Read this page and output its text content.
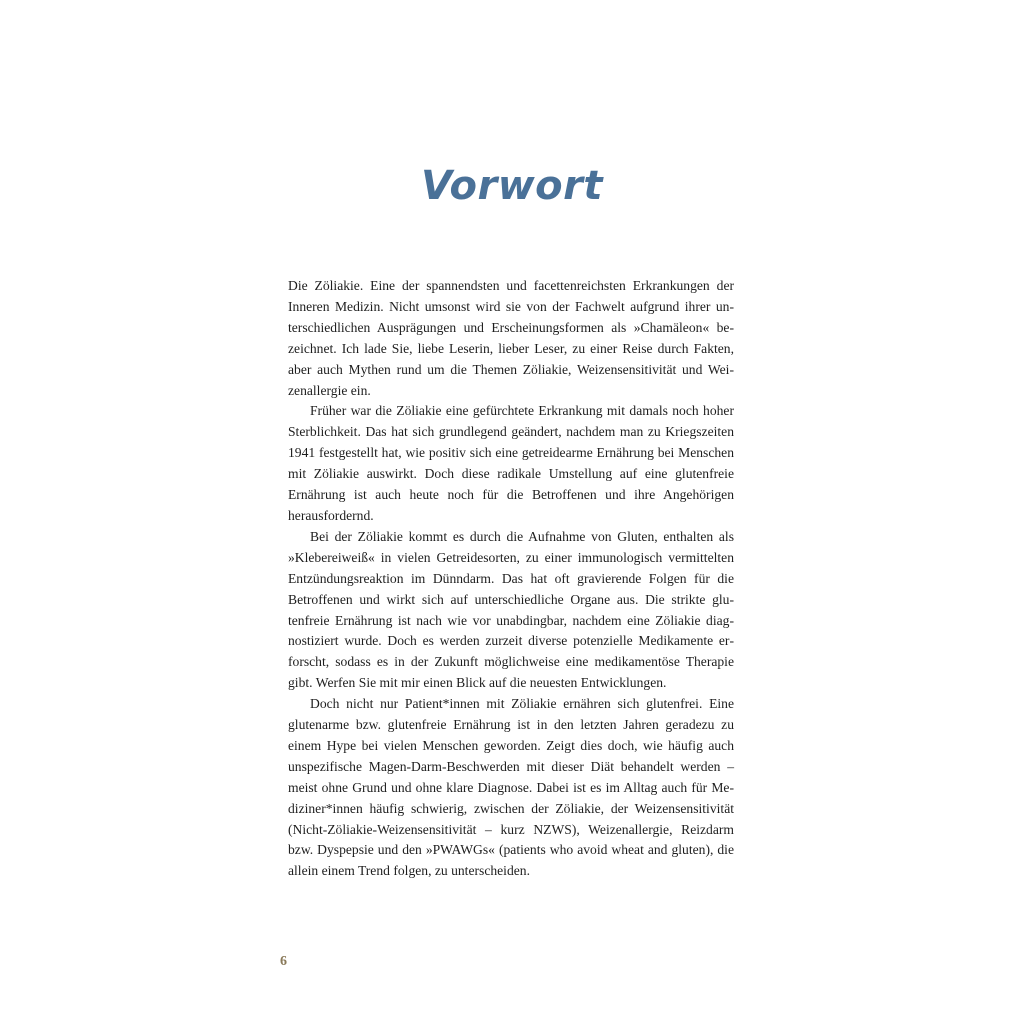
Vorwort

Die Zöliakie. Eine der spannendsten und facettenreichsten Erkrankungen der Inneren Medizin. Nicht umsonst wird sie von der Fachwelt aufgrund ihrer unterschiedlichen Ausprägungen und Erscheinungsformen als »Chamäleon« bezeichnet. Ich lade Sie, liebe Leserin, lieber Leser, zu einer Reise durch Fakten, aber auch Mythen rund um die Themen Zöliakie, Weizensensitivität und Weizenallergie ein.

Früher war die Zöliakie eine gefürchtete Erkrankung mit damals noch hoher Sterblichkeit. Das hat sich grundlegend geändert, nachdem man zu Kriegszeiten 1941 festgestellt hat, wie positiv sich eine getreidearme Ernährung bei Menschen mit Zöliakie auswirkt. Doch diese radikale Umstellung auf eine glutenfreie Ernährung ist auch heute noch für die Betroffenen und ihre Angehörigen herausfordernd.

Bei der Zöliakie kommt es durch die Aufnahme von Gluten, enthalten als »Klebereiweiß« in vielen Getreidesorten, zu einer immunologisch vermittelten Entzündungsreaktion im Dünndarm. Das hat oft gravierende Folgen für die Betroffenen und wirkt sich auf unterschiedliche Organe aus. Die strikte glutenfreie Ernährung ist nach wie vor unabdingbar, nachdem eine Zöliakie diagnostiziert wurde. Doch es werden zurzeit diverse potenzielle Medikamente erforscht, sodass es in der Zukunft möglichweise eine medikamentöse Therapie gibt. Werfen Sie mit mir einen Blick auf die neuesten Entwicklungen.

Doch nicht nur Patient*innen mit Zöliakie ernähren sich glutenfrei. Eine glutenarme bzw. glutenfreie Ernährung ist in den letzten Jahren geradezu zu einem Hype bei vielen Menschen geworden. Zeigt dies doch, wie häufig auch unspezifische Magen-Darm-Beschwerden mit dieser Diät behandelt werden – meist ohne Grund und ohne klare Diagnose. Dabei ist es im Alltag auch für Mediziner*innen häufig schwierig, zwischen der Zöliakie, der Weizensensitivität (Nicht-Zöliakie-Weizensensitivität – kurz NZWS), Weizenallergie, Reizdarm bzw. Dyspepsie und den »PWAWGs« (patients who avoid wheat and gluten), die allein einem Trend folgen, zu unterscheiden.

6
